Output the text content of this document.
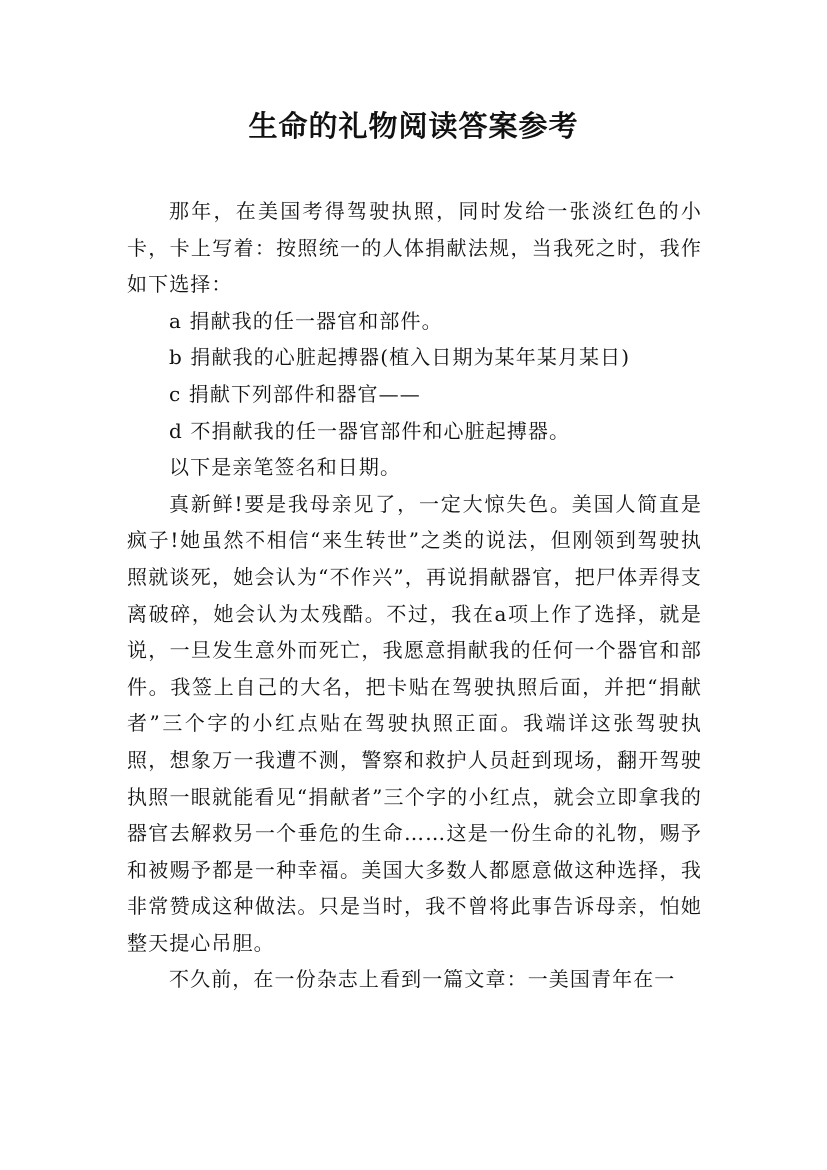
生命的礼物阅读答案参考

那年，在美国考得驾驶执照，同时发给一张淡红色的小卡，卡上写着：按照统一的人体捐献法规，当我死之时，我作如下选择：

a 捐献我的任一器官和部件。

b 捐献我的心脏起搏器(植入日期为某年某月某日)

c 捐献下列部件和器官——

d 不捐献我的任一器官部件和心脏起搏器。

以下是亲笔签名和日期。

真新鲜!要是我母亲见了，一定大惊失色。美国人简直是疯子!她虽然不相信“来生转世”之类的说法，但刚领到驾驶执照就谈死，她会认为“不作兴”，再说捐献器官，把尸体弄得支离破碎，她会认为太残酷。不过，我在a项上作了选择，就是说，一旦发生意外而死亡，我愿意捐献我的任何一个器官和部件。我签上自己的大名，把卡贴在驾驶执照后面，并把“捐献者”三个字的小红点贴在驾驶执照正面。我端详这张驾驶执照，想象万一我遭不测，警察和救护人员赶到现场，翻开驾驶执照一眼就能看见“捐献者”三个字的小红点，就会立即拿我的器官去解救另一个垂危的生命……这是一份生命的礼物，赐予和被赐予都是一种幸福。美国大多数人都愿意做这种选择，我非常赞成这种做法。只是当时，我不曾将此事告诉母亲，怕她整天提心吊胆。

不久前，在一份杂志上看到一篇文章：一美国青年在一
